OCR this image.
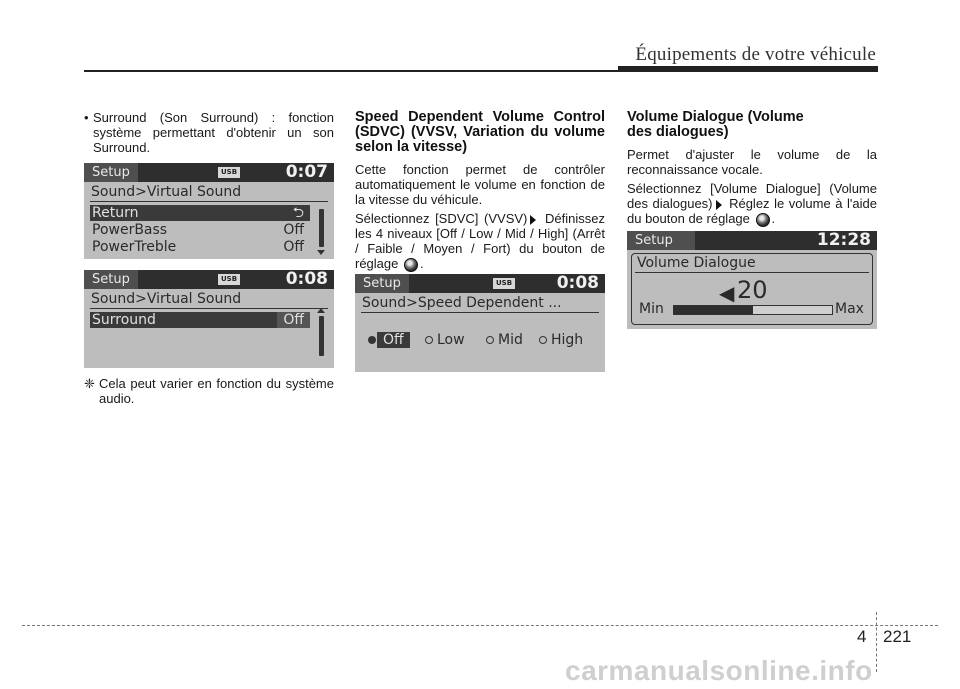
Équipements de votre véhicule

• Surround (Son Surround) : fonction système permettant d'obtenir un son Surround.

Setup	USB	0:07
Sound>Virtual Sound
Return	⮌
PowerBass	Off
PowerTreble	Off
Setup	USB	0:08
Sound>Virtual Sound
Surround	Off

❈ Cela peut varier en fonction du système audio.

Speed Dependent Volume Control (SDVC) (VVSV, Variation du volume selon la vitesse)

Cette fonction permet de contrôler automatiquement le volume en fonction de la vitesse du véhicule.

Sélectionnez [SDVC] (VVSV) Définissez les 4 niveaux [Off / Low / Mid / High] (Arrêt / Faible / Moyen / Fort) du bouton de réglage .

Setup	USB	0:08
Sound>Speed Dependent ...
Off	Low Mid High
Volume Dialogue (Volume des dialogues)

Permet d'ajuster le volume de la reconnaissance vocale.

Sélectionnez [Volume Dialogue] (Volume des dialogues) Réglez le volume à l'aide du bouton de réglage .

Setup	12:28
Volume Dialogue
◀ 20
Min	Max
4 221
carmanualsonline.info
